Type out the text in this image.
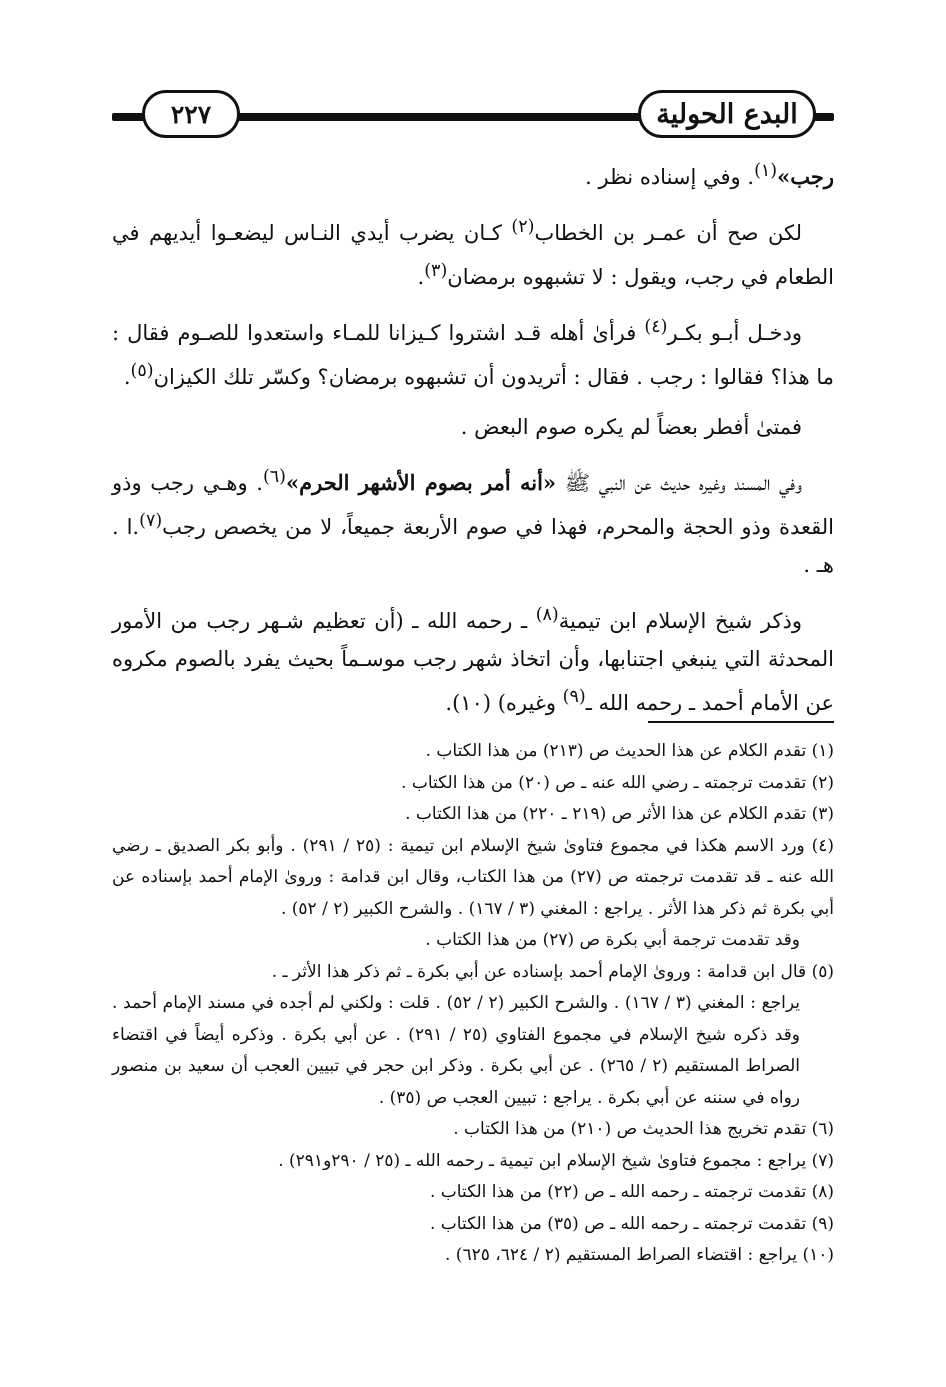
البدع الحولية
٢٢٧

رجب»$^{(١)}$. وفي إسناده نظر .

لكن صح أن عمـر بن الخطاب$^{(٢)}$ كـان يضرب أيدي النـاس ليضعـوا أيديهم في الطعام في رجب، ويقول : لا تشبهوه برمضان$^{(٣)}$.

ودخـل أبـو بكـر$^{(٤)}$ فرأىٰ أهله قـد اشتروا كـيزانا للمـاء واستعدوا للصـوم فقال : ما هذا؟ فقالوا : رجب . فقال : أتريدون أن تشبهوه برمضان؟ وكسّر تلك الكيزان$^{(٥)}$.

فمتىٰ أفطر بعضاً لم يكره صوم البعض .

وفي المسند وغيره حديث عن النبي ﷺ «أنه أمر بصوم الأشهر الحرم»$^{(٦)}$. وهـي رجب وذو القعدة وذو الحجة والمحرم، فهذا في صوم الأربعة جميعاً، لا من يخصص رجب$^{(٧)}$.ا . هـ .

وذكر شيخ الإسلام ابن تيمية$^{(٨)}$ ـ رحمه الله ـ (أن تعظيم شـهر رجب من الأمور المحدثة التي ينبغي اجتنابها، وأن اتخاذ شهر رجب موسـماً بحيث يفرد بالصوم مكروه عن الأمام أحمد ـ رحمه الله ـ$^{(٩)}$ وغيره) (١٠).

(١) تقدم الكلام عن هذا الحديث ص (٢١٣) من هذا الكتاب .

(٢) تقدمت ترجمته ـ رضي الله عنه ـ ص (٢٠) من هذا الكتاب .

(٣) تقدم الكلام عن هذا الأثر ص (٢١٩ ـ ٢٢٠) من هذا الكتاب .

(٤) ورد الاسم هكذا في مجموع فتاوىٰ شيخ الإسلام ابن تيمية : (٢٥ / ٢٩١) . وأبو بكر الصديق ـ رضي الله عنه ـ قد تقدمت ترجمته ص (٢٧) من هذا الكتاب، وقال ابن قدامة : وروىٰ الإمام أحمد بإسناده عن أبي بكرة ثم ذكر هذا الأثر . يراجع : المغني (٣ / ١٦٧) . والشرح الكبير (٢ / ٥٢) .

وقد تقدمت ترجمة أبي بكرة ص (٢٧) من هذا الكتاب .

(٥) قال ابن قدامة : وروىٰ الإمام أحمد بإسناده عن أبي بكرة ـ ثم ذكر هذا الأثر ـ .

يراجع : المغني (٣ / ١٦٧) . والشرح الكبير (٢ / ٥٢) . قلت : ولكني لم أجده في مسند الإمام أحمد . وقد ذكره شيخ الإسلام في مجموع الفتاوي (٢٥ / ٢٩١) . عن أبي بكرة . وذكره أيضاً في اقتضاء الصراط المستقيم (٢ / ٢٦٥) . عن أبي بكرة . وذكر ابن حجر في تبيين العجب أن سعيد بن منصور رواه في سننه عن أبي بكرة . يراجع : تبيين العجب ص (٣٥) .

(٦) تقدم تخريج هذا الحديث ص (٢١٠) من هذا الكتاب .

(٧) يراجع : مجموع فتاوىٰ شيخ الإسلام ابن تيمية ـ رحمه الله ـ (٢٥ / ٢٩٠و٢٩١) .

(٨) تقدمت ترجمته ـ رحمه الله ـ ص (٢٢) من هذا الكتاب .

(٩) تقدمت ترجمته ـ رحمه الله ـ ص (٣٥) من هذا الكتاب .

(١٠) يراجع : اقتضاء الصراط المستقيم (٢ / ٦٢٤، ٦٢٥) .
